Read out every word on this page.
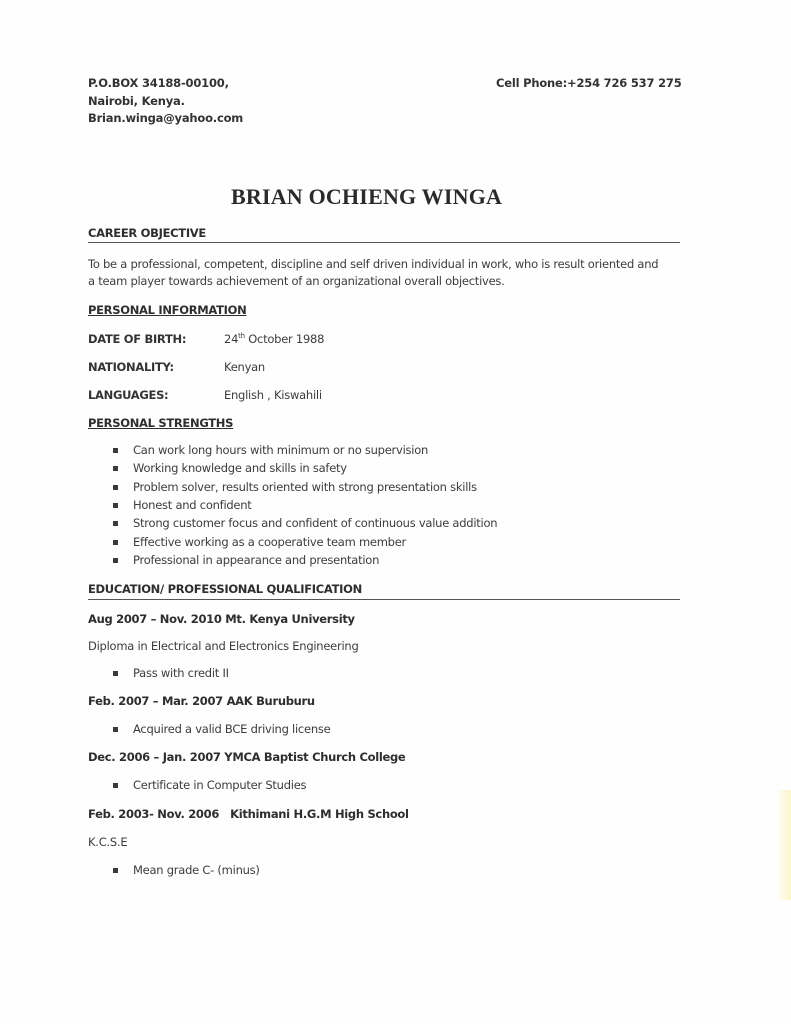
P.O.BOX 34188-00100,
Nairobi, Kenya.
Brian.winga@yahoo.com
Cell Phone:+254 726 537 275
BRIAN OCHIENG WINGA
CAREER OBJECTIVE
To be a professional, competent, discipline and self driven individual in work, who is result oriented and
a team player towards achievement of an organizational overall objectives.
PERSONAL INFORMATION
DATE OF BIRTH:	24th October 1988
NATIONALITY:	Kenyan
LANGUAGES:	English , Kiswahili
PERSONAL STRENGTHS
Can work long hours with minimum or no supervision
Working knowledge and skills in safety
Problem solver, results oriented with strong presentation skills
Honest and confident
Strong customer focus and confident of continuous value addition
Effective working as a cooperative team member
Professional in appearance and presentation
EDUCATION/ PROFESSIONAL QUALIFICATION
Aug 2007 – Nov. 2010 Mt. Kenya University
Diploma in Electrical and Electronics Engineering
Pass with credit II
Feb. 2007 – Mar. 2007 AAK Buruburu
Acquired a valid BCE driving license
Dec. 2006 – Jan. 2007 YMCA Baptist Church College
Certificate in Computer Studies
Feb. 2003- Nov. 2006   Kithimani H.G.M High School
K.C.S.E
Mean grade C- (minus)
